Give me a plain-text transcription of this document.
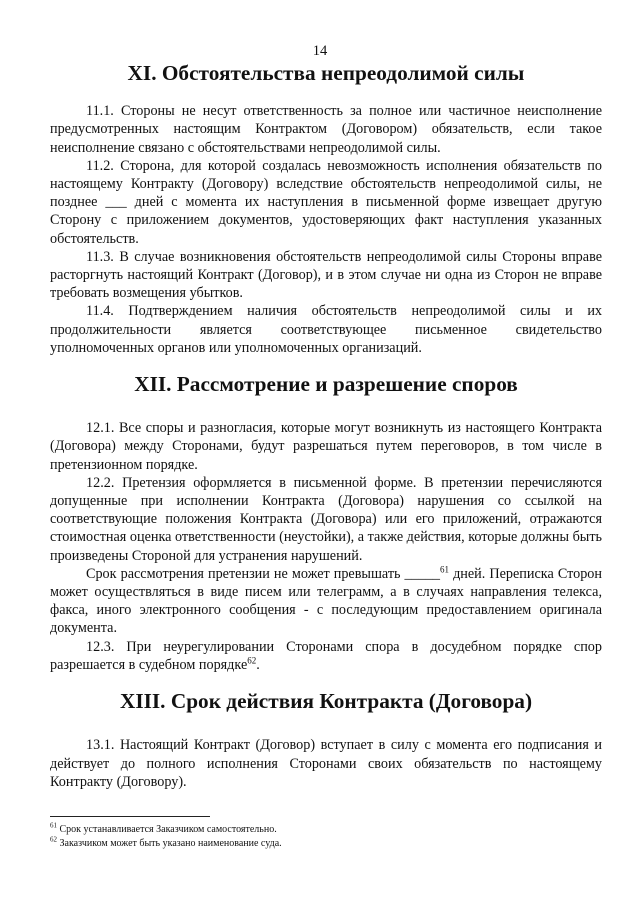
14
XI. Обстоятельства непреодолимой силы

11.1. Стороны не несут ответственность за полное или частичное неисполнение предусмотренных настоящим Контрактом (Договором) обязательств, если такое неисполнение связано с обстоятельствами непреодолимой силы.

11.2. Сторона, для которой создалась невозможность исполнения обязательств по настоящему Контракту (Договору) вследствие обстоятельств непреодолимой силы, не позднее ___ дней с момента их наступления в письменной форме извещает другую Сторону с приложением документов, удостоверяющих факт наступления указанных обстоятельств.

11.3. В случае возникновения обстоятельств непреодолимой силы Стороны вправе расторгнуть настоящий Контракт (Договор), и в этом случае ни одна из Сторон не вправе требовать возмещения убытков.

11.4. Подтверждением наличия обстоятельств непреодолимой силы и их продолжительности является соответствующее письменное свидетельство уполномоченных органов или уполномоченных организаций.

XII. Рассмотрение и разрешение споров

12.1. Все споры и разногласия, которые могут возникнуть из настоящего Контракта (Договора) между Сторонами, будут разрешаться путем переговоров, в том числе в претензионном порядке.

12.2. Претензия оформляется в письменной форме. В претензии перечисляются допущенные при исполнении Контракта (Договора) нарушения со ссылкой на соответствующие положения Контракта (Договора) или его приложений, отражаются стоимостная оценка ответственности (неустойки), а также действия, которые должны быть произведены Стороной для устранения нарушений.

Срок рассмотрения претензии не может превышать _____$^{61}$ дней. Переписка Сторон может осуществляться в виде писем или телеграмм, а в случаях направления телекса, факса, иного электронного сообщения - с последующим предоставлением оригинала документа.

12.3. При неурегулировании Сторонами спора в досудебном порядке спор разрешается в судебном порядке$^{62}$.

XIII. Срок действия Контракта (Договора)

13.1. Настоящий Контракт (Договор) вступает в силу с момента его подписания и действует до полного исполнения Сторонами своих обязательств по настоящему Контракту (Договору).

$^{61}$ Срок устанавливается Заказчиком самостоятельно.
$^{62}$ Заказчиком может быть указано наименование суда.
